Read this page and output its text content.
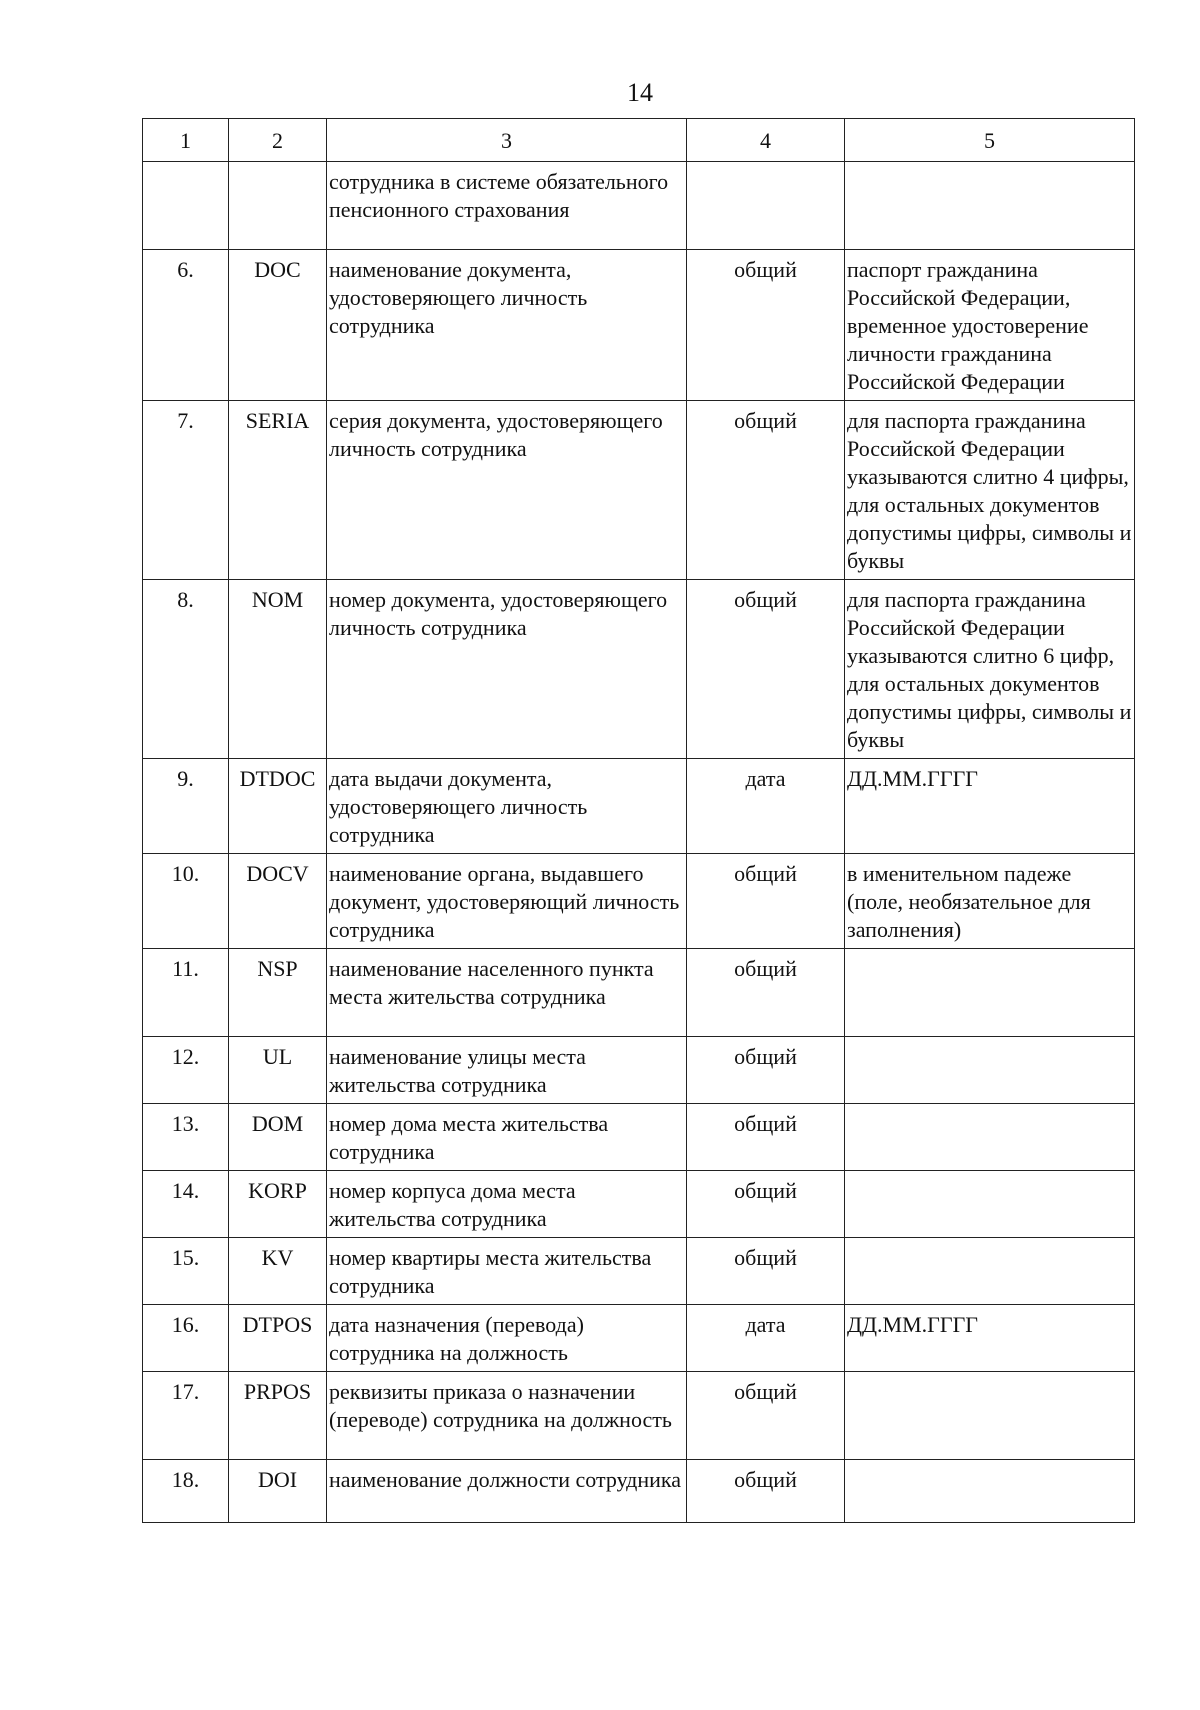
14
1	2	3	4	5
		сотрудника в системе обязательного пенсионного страхования		
6.	DOC	наименование документа, удостоверяющего личность сотрудника	общий	паспорт гражданина Российской Федерации, временное удостоверение личности гражданина Российской Федерации
7.	SERIA	серия документа, удостоверяющего личность сотрудника	общий	для паспорта гражданина Российской Федерации указываются слитно 4 цифры, для остальных документов допустимы цифры, символы и буквы
8.	NOM	номер документа, удостоверяющего личность сотрудника	общий	для паспорта гражданина Российской Федерации указываются слитно 6 цифр, для остальных документов допустимы цифры, символы и буквы
9.	DTDOC	дата выдачи документа, удостоверяющего личность сотрудника	дата	ДД.ММ.ГГГГ
10.	DOCV	наименование органа, выдавшего документ, удостоверяющий личность сотрудника	общий	в именительном падеже (поле, необязательное для заполнения)
11.	NSP	наименование населенного пункта места жительства сотрудника	общий	
12.	UL	наименование улицы места жительства сотрудника	общий	
13.	DOM	номер дома места жительства сотрудника	общий	
14.	KORP	номер корпуса дома места жительства сотрудника	общий	
15.	KV	номер квартиры места жительства сотрудника	общий	
16.	DTPOS	дата назначения (перевода) сотрудника на должность	дата	ДД.ММ.ГГГГ
17.	PRPOS	реквизиты приказа о назначении (переводе) сотрудника на должность	общий	
18.	DOI	наименование должности сотрудника	общий	
